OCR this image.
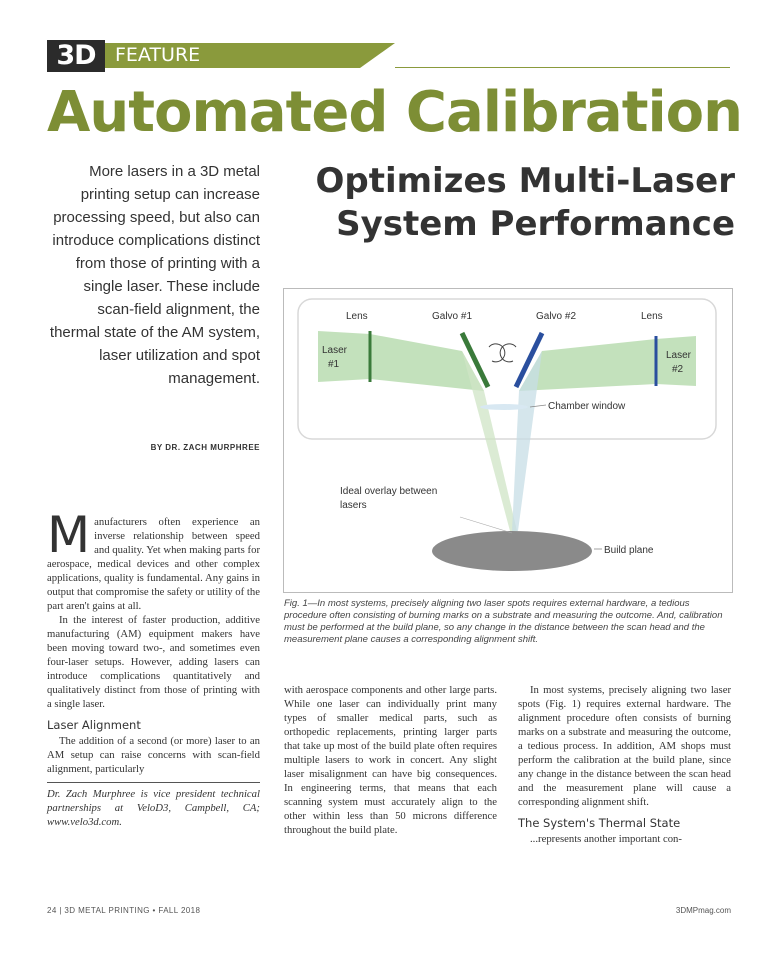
3D	FEATURE
Automated Calibration
Optimizes Multi-Laser System Performance
More lasers in a 3D metal printing setup can increase processing speed, but also can introduce complications distinct from those of printing with a single laser. These include scan-field alignment, the thermal state of the AM system, laser utilization and spot management.
BY DR. ZACH MURPHREE
Lens	Galvo #1	Galvo #2	Lens
Laser
#1
Laser
#2
Chamber window
Ideal overlay between
lasers
Build plane
Fig. 1—In most systems, precisely aligning two laser spots requires external hardware, a tedious procedure often consisting of burning marks on a substrate and measuring the outcome. And, calibration must be performed at the build plane, so any change in the distance between the scan head and the measurement plane causes a corresponding alignment shift.

Manufacturers often experience an inverse relationship between speed and quality. Yet when making parts for aerospace, medical devices and other complex applications, quality is fundamental. Any gains in output that compromise the safety or utility of the part aren't gains at all.

In the interest of faster production, additive manufacturing (AM) equipment makers have been moving toward two-, and sometimes even four-laser setups. However, adding lasers can introduce complications quantitatively and qualitatively distinct from those of printing with a single laser.

Laser Alignment

The addition of a second (or more) laser to an AM setup can raise concerns with scan-field alignment, particularly

Dr. Zach Murphree is vice president technical partnerships at VeloD3, Campbell, CA; www.velo3d.com.

with aerospace components and other large parts. While one laser can individually print many types of smaller medical parts, such as orthopedic replacements, printing larger parts that take up most of the build plate often requires multiple lasers to work in concert. Any slight laser misalignment can have big consequences. In engineering terms, that means that each scanning system must accurately align to the other within less than 50 microns difference throughout the build plate.

In most systems, precisely aligning two laser spots (Fig. 1) requires external hardware. The alignment procedure often consists of burning marks on a substrate and measuring the outcome, a tedious process. In addition, AM shops must perform the calibration at the build plane, since any change in the distance between the scan head and the measurement plane will cause a corresponding alignment shift.

The System's Thermal State

...represents another important con-

24 | 3D METAL PRINTING • FALL 2018	3DMPmag.com
